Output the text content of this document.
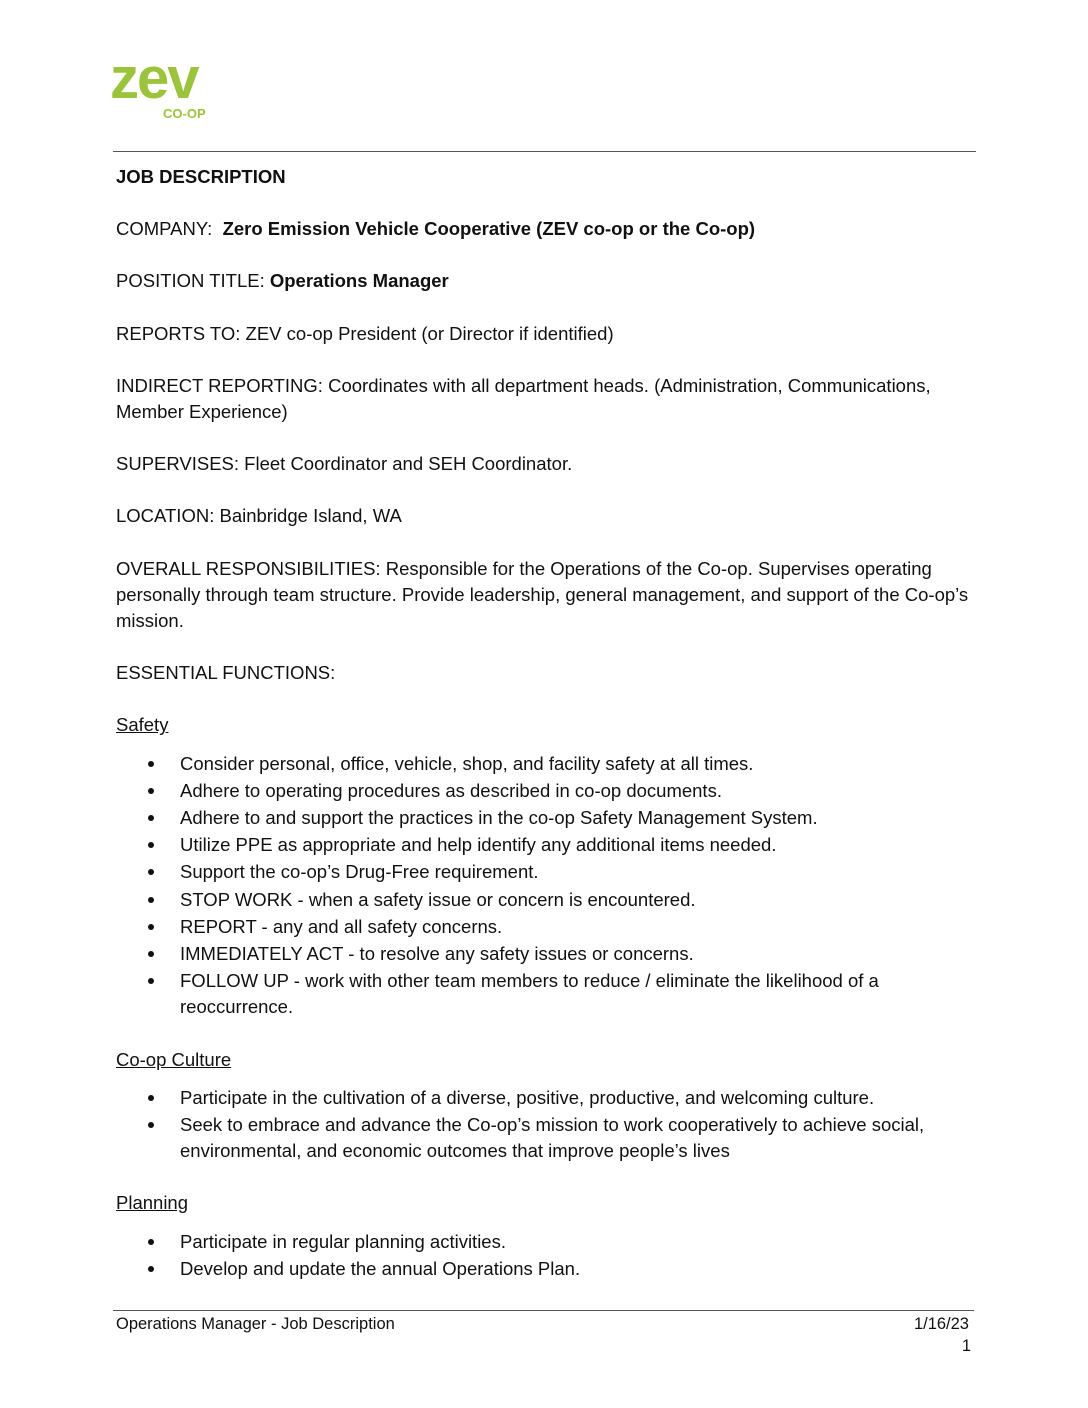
zev
CO-OP

JOB DESCRIPTION

COMPANY: Zero Emission Vehicle Cooperative (ZEV co-op or the Co-op)

POSITION TITLE: Operations Manager

REPORTS TO: ZEV co-op President (or Director if identified)

INDIRECT REPORTING: Coordinates with all department heads. (Administration, Communications, Member Experience)

SUPERVISES: Fleet Coordinator and SEH Coordinator.

LOCATION: Bainbridge Island, WA

OVERALL RESPONSIBILITIES: Responsible for the Operations of the Co-op. Supervises operating personally through team structure. Provide leadership, general management, and support of the Co-op’s mission.

ESSENTIAL FUNCTIONS:

Safety

Consider personal, office, vehicle, shop, and facility safety at all times.
Adhere to operating procedures as described in co-op documents.
Adhere to and support the practices in the co-op Safety Management System.
Utilize PPE as appropriate and help identify any additional items needed.
Support the co-op’s Drug-Free requirement.
STOP WORK - when a safety issue or concern is encountered.
REPORT - any and all safety concerns.
IMMEDIATELY ACT - to resolve any safety issues or concerns.
FOLLOW UP - work with other team members to reduce / eliminate the likelihood of a reoccurrence.

Co-op Culture

Participate in the cultivation of a diverse, positive, productive, and welcoming culture.
Seek to embrace and advance the Co-op’s mission to work cooperatively to achieve social, environmental, and economic outcomes that improve people’s lives

Planning

Participate in regular planning activities.
Develop and update the annual Operations Plan.
Operations Manager - Job Description	1/16/23
1
